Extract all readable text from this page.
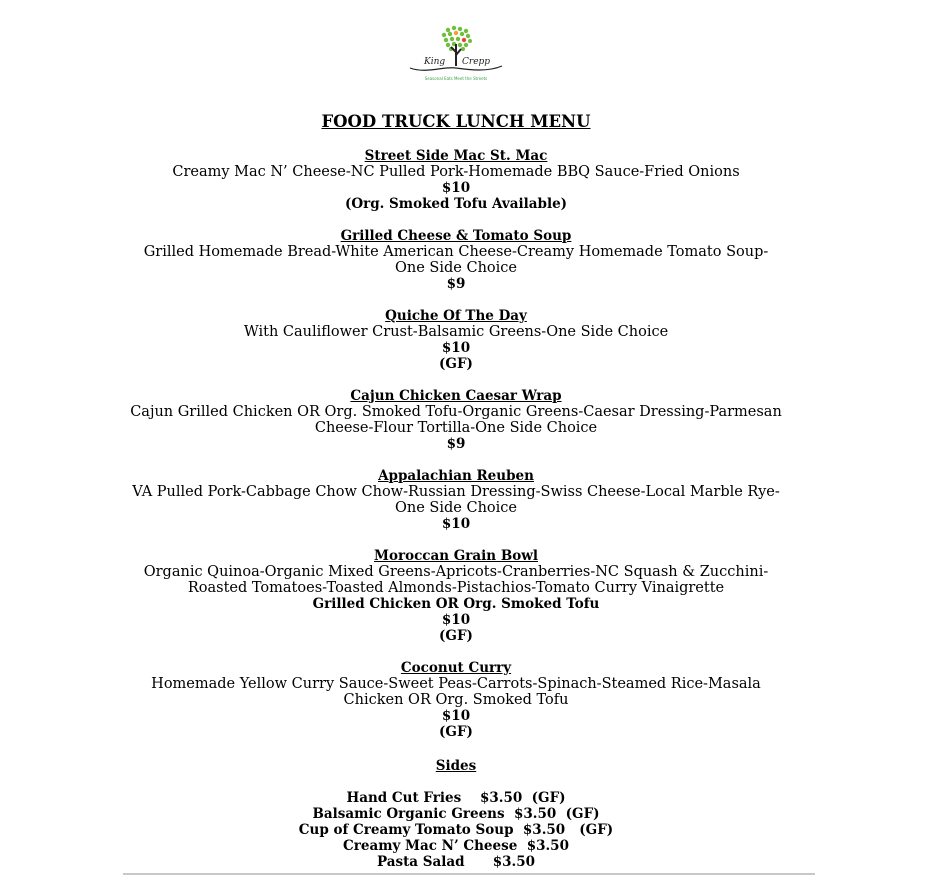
King Crepp
Seasonal Eats Meet the Streets
FOOD TRUCK LUNCH MENU
Street Side Mac St. Mac
Creamy Mac N’ Cheese-NC Pulled Pork-Homemade BBQ Sauce-Fried Onions
$10
(Org. Smoked Tofu Available)
Grilled Cheese & Tomato Soup
Grilled Homemade Bread-White American Cheese-Creamy Homemade Tomato Soup-One Side Choice
$9
Quiche Of The Day
With Cauliflower Crust-Balsamic Greens-One Side Choice
$10
(GF)
Cajun Chicken Caesar Wrap
Cajun Grilled Chicken OR Org. Smoked Tofu-Organic Greens-Caesar Dressing-Parmesan Cheese-Flour Tortilla-One Side Choice
$9
Appalachian Reuben
VA Pulled Pork-Cabbage Chow Chow-Russian Dressing-Swiss Cheese-Local Marble Rye-One Side Choice
$10
Moroccan Grain Bowl
Organic Quinoa-Organic Mixed Greens-Apricots-Cranberries-NC Squash & Zucchini-Roasted Tomatoes-Toasted Almonds-Pistachios-Tomato Curry Vinaigrette
Grilled Chicken OR Org. Smoked Tofu
$10
(GF)
Coconut Curry
Homemade Yellow Curry Sauce-Sweet Peas-Carrots-Spinach-Steamed Rice-Masala Chicken OR Org. Smoked Tofu
$10
(GF)
Sides
Hand Cut Fries    $3.50  (GF)
Balsamic Organic Greens  $3.50  (GF)
Cup of Creamy Tomato Soup  $3.50   (GF)
Creamy Mac N’ Cheese  $3.50
Pasta Salad      $3.50
